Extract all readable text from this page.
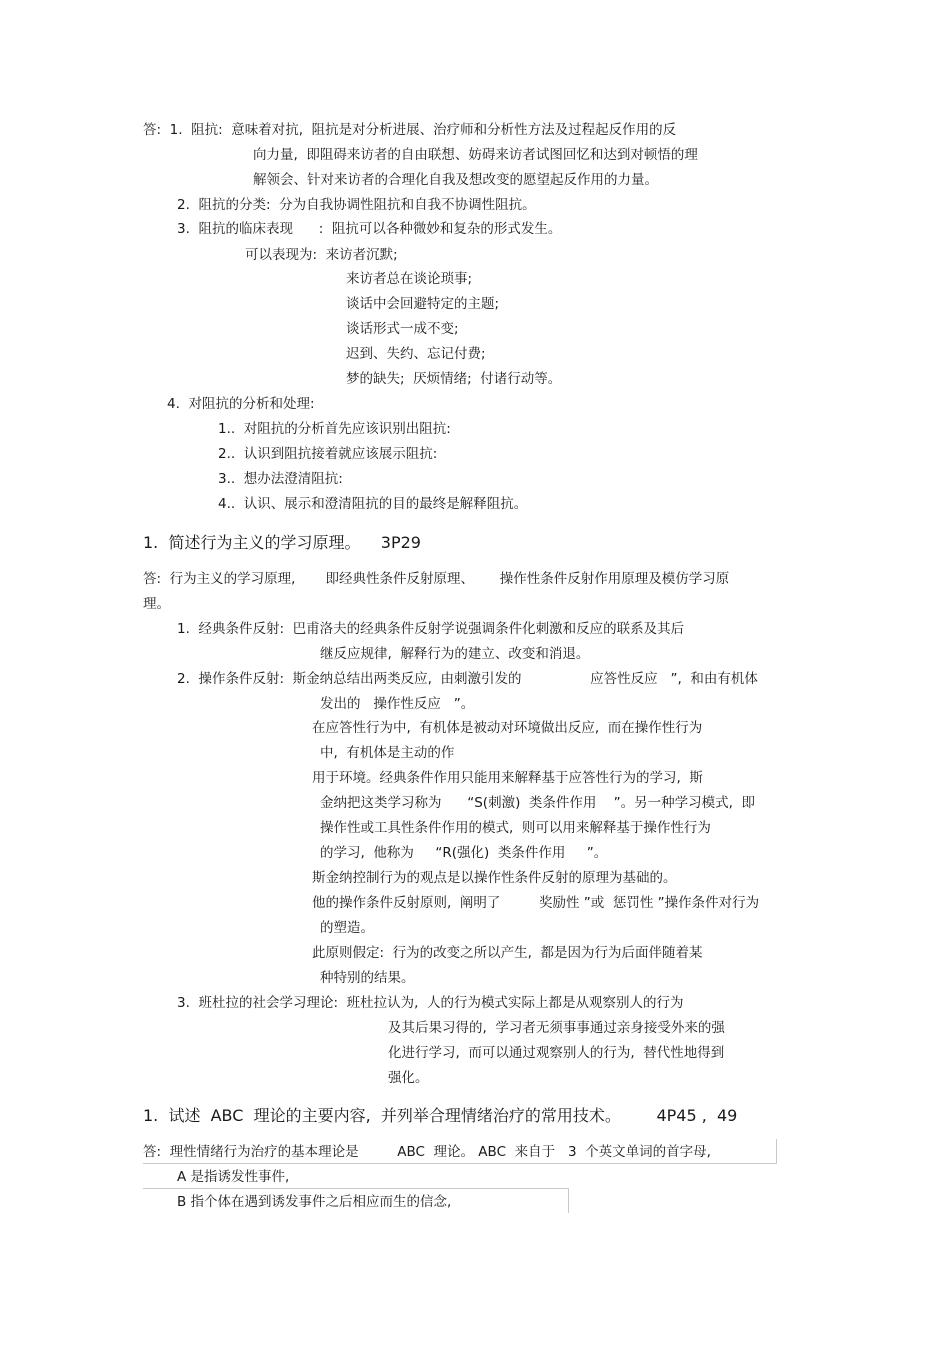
答:  1.  阻抗:  意味着对抗,  阻抗是对分析进展、治疗师和分析性方法及过程起反作用的反
向力量,  即阻碍来访者的自由联想、妨碍来访者试图回忆和达到对顿悟的理
解领会、针对来访者的合理化自我及想改变的愿望起反作用的力量。
2.  阻抗的分类:  分为自我协调性阻抗和自我不协调性阻抗。
3.  阻抗的临床表现      :  阻抗可以各种微妙和复杂的形式发生。
可以表现为:  来访者沉默;
来访者总在谈论琐事;
谈话中会回避特定的主题;
谈话形式一成不变;
迟到、失约、忘记付费;
梦的缺失;  厌烦情绪;  付诸行动等。
4.  对阻抗的分析和处理:
1..  对阻抗的分析首先应该识别出阻抗:
2..  认识到阻抗接着就应该展示阻抗:
3..  想办法澄清阻抗:
4..  认识、展示和澄清阻抗的目的最终是解释阻抗。
1.  简述行为主义的学习原理。    3P29
答:  行为主义的学习原理,       即经典性条件反射原理、      操作性条件反射作用原理及模仿学习原
理。
1.  经典条件反射:  巴甫洛夫的经典条件反射学说强调条件化刺激和反应的联系及其后
继反应规律,  解释行为的建立、改变和消退。
2.  操作条件反射:  斯金纳总结出两类反应,  由刺激引发的                应答性反应   ”,  和由有机体
发出的   操作性反应   ”。
在应答性行为中,  有机体是被动对环境做出反应,  而在操作性行为
中,  有机体是主动的作
用于环境。经典条件作用只能用来解释基于应答性行为的学习,  斯
金纳把这类学习称为      “S(刺激)  类条件作用    ”。另一种学习模式,  即
操作性或工具性条件作用的模式,  则可以用来解释基于操作性行为
的学习,  他称为     “R(强化)  类条件作用     ”。
斯金纳控制行为的观点是以操作性条件反射的原理为基础的。
他的操作条件反射原则,  阐明了         奖励性 ”或  惩罚性 ”操作条件对行为
的塑造。
此原则假定:  行为的改变之所以产生,  都是因为行为后面伴随着某
种特别的结果。
3.  班杜拉的社会学习理论:  班杜拉认为,  人的行为模式实际上都是从观察别人的行为
及其后果习得的,  学习者无须事事通过亲身接受外来的强
化进行学习,  而可以通过观察别人的行为,  替代性地得到
强化。
1.  试述  ABC  理论的主要内容,  并列举合理情绪治疗的常用技术。       4P45 ,  49
答:  理性情绪行为治疗的基本理论是         ABC  理论。 ABC  来自于   3  个英文单词的首字母,
A 是指诱发性事件,
B 指个体在遇到诱发事件之后相应而生的信念,
